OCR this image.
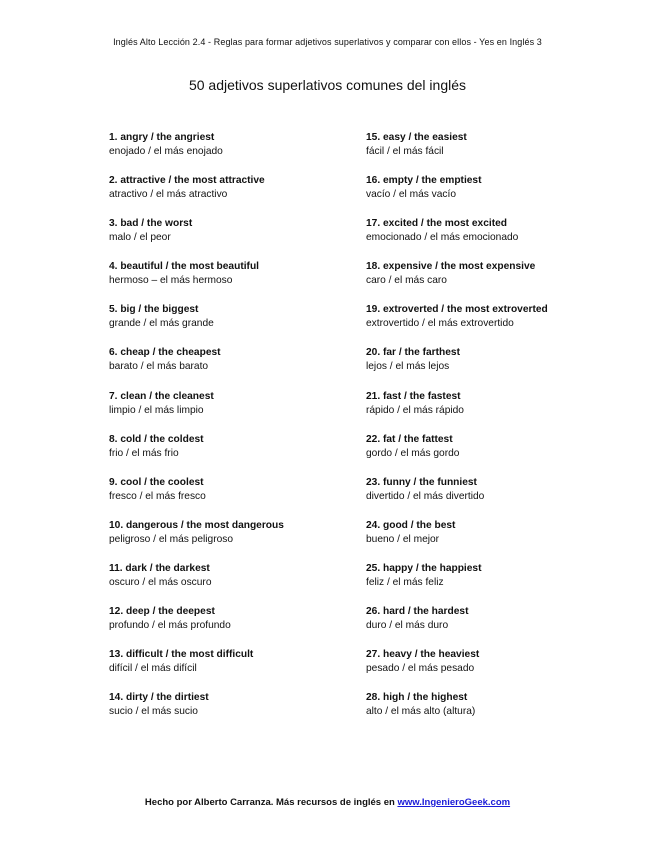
Inglés Alto Lección 2.4 - Reglas para formar adjetivos superlativos y comparar con ellos - Yes en Inglés 3
50 adjetivos superlativos comunes del inglés
1. angry / the angriest
enojado / el más enojado
2. attractive / the most attractive
atractivo / el más atractivo
3. bad / the worst
malo / el peor
4. beautiful / the most beautiful
hermoso – el más hermoso
5. big / the biggest
grande / el más grande
6. cheap / the cheapest
barato / el más barato
7. clean / the cleanest
limpio / el más limpio
8. cold / the coldest
frio / el más frio
9. cool / the coolest
fresco / el más fresco
10. dangerous / the most dangerous
peligroso / el más peligroso
11. dark / the darkest
oscuro / el más oscuro
12. deep / the deepest
profundo / el más profundo
13. difficult / the most difficult
difícil / el más difícil
14. dirty / the dirtiest
sucio / el más sucio
15. easy / the easiest
fácil / el más fácil
16. empty / the emptiest
vacío / el más vacío
17. excited / the most excited
emocionado / el más emocionado
18. expensive / the most expensive
caro / el más caro
19. extroverted / the most extroverted
extrovertido / el más extrovertido
20. far / the farthest
lejos / el más lejos
21. fast / the fastest
rápido / el más rápido
22. fat / the fattest
gordo / el más gordo
23. funny / the funniest
divertido / el más divertido
24. good / the best
bueno / el mejor
25. happy / the happiest
feliz / el más feliz
26. hard / the hardest
duro / el más duro
27. heavy / the heaviest
pesado / el más pesado
28. high / the highest
alto / el más alto (altura)
Hecho por Alberto Carranza. Más recursos de inglés en www.IngenieroGeek.com
